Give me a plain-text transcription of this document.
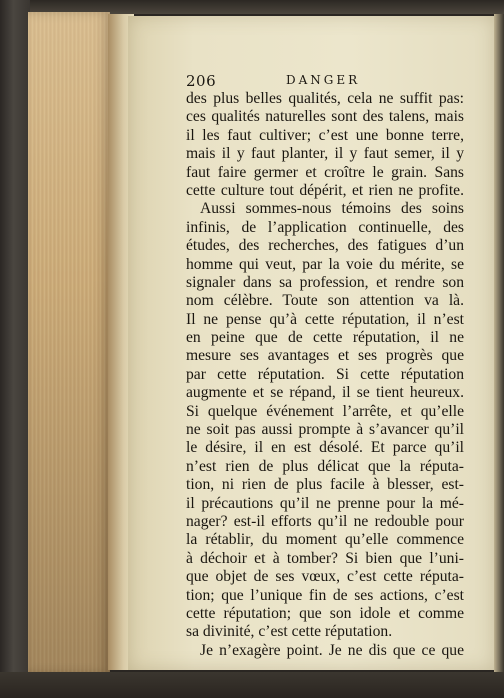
206	DANGER
des plus belles qualités, cela ne suffit pas:
ces qualités naturelles sont des talens, mais
il les faut cultiver; c’est une bonne terre,
mais il y faut planter, il y faut semer, il y
faut faire germer et croître le grain. Sans
cette culture tout dépérit, et rien ne profite.
Aussi sommes-nous témoins des soins
infinis, de l’application continuelle, des
études, des recherches, des fatigues d’un
homme qui veut, par la voie du mérite, se
signaler dans sa profession, et rendre son
nom célèbre. Toute son attention va là.
Il ne pense qu’à cette réputation, il n’est
en peine que de cette réputation, il ne
mesure ses avantages et ses progrès que
par cette réputation. Si cette réputation
augmente et se répand, il se tient heureux.
Si quelque événement l’arrête, et qu’elle
ne soit pas aussi prompte à s’avancer qu’il
le désire, il en est désolé. Et parce qu’il
n’est rien de plus délicat que la réputa-
tion, ni rien de plus facile à blesser, est-
il précautions qu’il ne prenne pour la mé-
nager? est-il efforts qu’il ne redouble pour
la rétablir, du moment qu’elle commence
à déchoir et à tomber? Si bien que l’uni-
que objet de ses vœux, c’est cette réputa-
tion; que l’unique fin de ses actions, c’est
cette réputation; que son idole et comme
sa divinité, c’est cette réputation.
Je n’exagère point. Je ne dis que ce que
